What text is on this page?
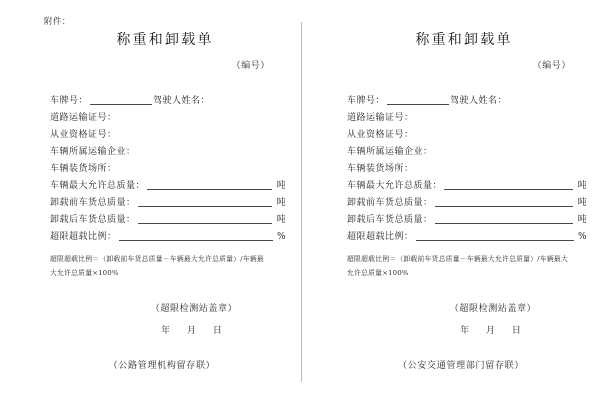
附件：
称重和卸载单
（编号）
车牌号：	驾驶人姓名：
道路运输证号：
从业资格证号：
车辆所属运输企业：
车辆装货场所：
车辆最大允许总质量：	吨
卸载前车货总质量：	吨
卸载后车货总质量：	吨
超限超载比例：	%
超限超载比例＝（卸载前车货总质量－车辆最大允许总质量）/车辆最大允许总质量×100%
（超限检测站盖章）
年 月 日
（公路管理机构留存联）
称重和卸载单
（编号）
车牌号：	驾驶人姓名：
道路运输证号：
从业资格证号：
车辆所属运输企业：
车辆装货场所：
车辆最大允许总质量：	吨
卸载前车货总质量：	吨
卸载后车货总质量：	吨
超限超载比例：	%
超限超载比例＝（卸载前车货总质量－车辆最大允许总质量）/车辆最大允许总质量×100%
（超限检测站盖章）
年 月 日
（公安交通管理部门留存联）
